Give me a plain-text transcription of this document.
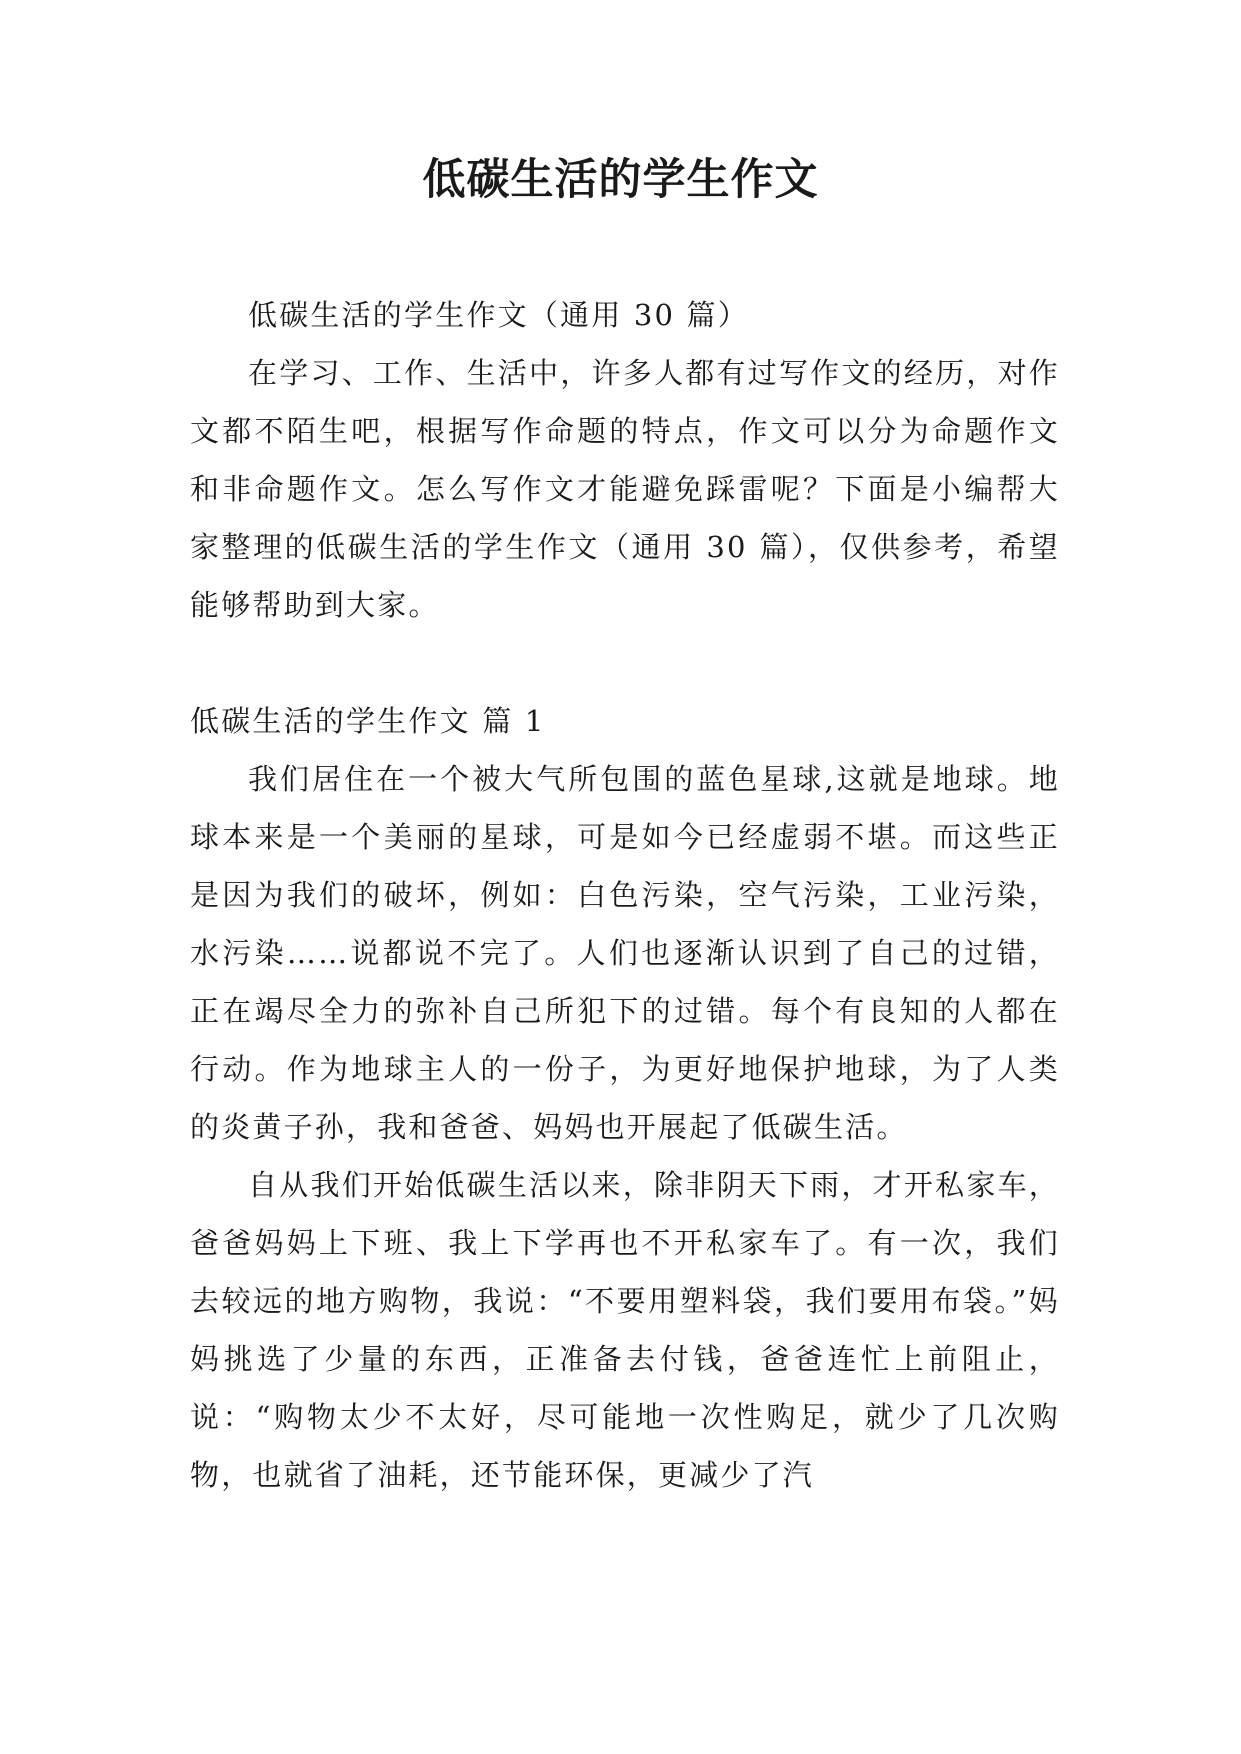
低碳生活的学生作文

低碳生活的学生作文（通用 30 篇）

在学习、工作、生活中，许多人都有过写作文的经历，对作文都不陌生吧，根据写作命题的特点，作文可以分为命题作文和非命题作文。怎么写作文才能避免踩雷呢？下面是小编帮大家整理的低碳生活的学生作文（通用 30 篇），仅供参考，希望能够帮助到大家。

低碳生活的学生作文 篇 1

我们居住在一个被大气所包围的蓝色星球,这就是地球。地球本来是一个美丽的星球，可是如今已经虚弱不堪。而这些正是因为我们的破坏，例如：白色污染，空气污染，工业污染，水污染……说都说不完了。人们也逐渐认识到了自己的过错，正在竭尽全力的弥补自己所犯下的过错。每个有良知的人都在行动。作为地球主人的一份子，为更好地保护地球，为了人类的炎黄子孙，我和爸爸、妈妈也开展起了低碳生活。

自从我们开始低碳生活以来，除非阴天下雨，才开私家车，爸爸妈妈上下班、我上下学再也不开私家车了。有一次，我们去较远的地方购物，我说：“不要用塑料袋，我们要用布袋。”妈妈挑选了少量的东西，正准备去付钱，爸爸连忙上前阻止，说：“购物太少不太好，尽可能地一次性购足，就少了几次购物，也就省了油耗，还节能环保，更减少了汽
